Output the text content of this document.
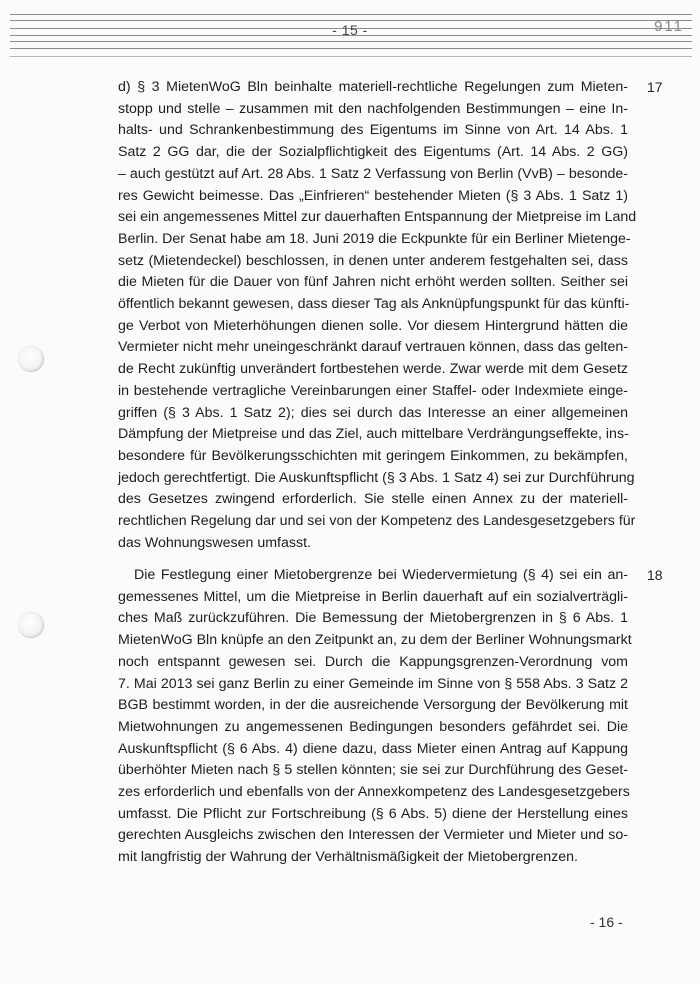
- 15 -	911
17
d) § 3 MietenWoG Bln beinhalte materiell-rechtliche Regelungen zum Mieten-
stopp und stelle – zusammen mit den nachfolgenden Bestimmungen – eine In-
halts- und Schrankenbestimmung des Eigentums im Sinne von Art. 14 Abs. 1
Satz 2 GG dar, die der Sozialpflichtigkeit des Eigentums (Art. 14 Abs. 2 GG)
– auch gestützt auf Art. 28 Abs. 1 Satz 2 Verfassung von Berlin (VvB) – besonde-
res Gewicht beimesse. Das „Einfrieren“ bestehender Mieten (§ 3 Abs. 1 Satz 1)
sei ein angemessenes Mittel zur dauerhaften Entspannung der Mietpreise im Land
Berlin. Der Senat habe am 18. Juni 2019 die Eckpunkte für ein Berliner Mietenge-
setz (Mietendeckel) beschlossen, in denen unter anderem festgehalten sei, dass
die Mieten für die Dauer von fünf Jahren nicht erhöht werden sollten. Seither sei
öffentlich bekannt gewesen, dass dieser Tag als Anknüpfungspunkt für das künfti-
ge Verbot von Mieterhöhungen dienen solle. Vor diesem Hintergrund hätten die
Vermieter nicht mehr uneingeschränkt darauf vertrauen können, dass das gelten-
de Recht zukünftig unverändert fortbestehen werde. Zwar werde mit dem Gesetz
in bestehende vertragliche Vereinbarungen einer Staffel- oder Indexmiete einge-
griffen (§ 3 Abs. 1 Satz 2); dies sei durch das Interesse an einer allgemeinen
Dämpfung der Mietpreise und das Ziel, auch mittelbare Verdrängungseffekte, ins-
besondere für Bevölkerungsschichten mit geringem Einkommen, zu bekämpfen,
jedoch gerechtfertigt. Die Auskunftspflicht (§ 3 Abs. 1 Satz 4) sei zur Durchführung
des Gesetzes zwingend erforderlich. Sie stelle einen Annex zu der materiell-
rechtlichen Regelung dar und sei von der Kompetenz des Landesgesetzgebers für
das Wohnungswesen umfasst.
18
Die Festlegung einer Mietobergrenze bei Wiedervermietung (§ 4) sei ein an-
gemessenes Mittel, um die Mietpreise in Berlin dauerhaft auf ein sozialverträgli-
ches Maß zurückzuführen. Die Bemessung der Mietobergrenzen in § 6 Abs. 1
MietenWoG Bln knüpfe an den Zeitpunkt an, zu dem der Berliner Wohnungsmarkt
noch entspannt gewesen sei. Durch die Kappungsgrenzen-Verordnung vom
7. Mai 2013 sei ganz Berlin zu einer Gemeinde im Sinne von § 558 Abs. 3 Satz 2
BGB bestimmt worden, in der die ausreichende Versorgung der Bevölkerung mit
Mietwohnungen zu angemessenen Bedingungen besonders gefährdet sei. Die
Auskunftspflicht (§ 6 Abs. 4) diene dazu, dass Mieter einen Antrag auf Kappung
überhöhter Mieten nach § 5 stellen könnten; sie sei zur Durchführung des Geset-
zes erforderlich und ebenfalls von der Annexkompetenz des Landesgesetzgebers
umfasst. Die Pflicht zur Fortschreibung (§ 6 Abs. 5) diene der Herstellung eines
gerechten Ausgleichs zwischen den Interessen der Vermieter und Mieter und so-
mit langfristig der Wahrung der Verhältnismäßigkeit der Mietobergrenzen.
- 16 -
